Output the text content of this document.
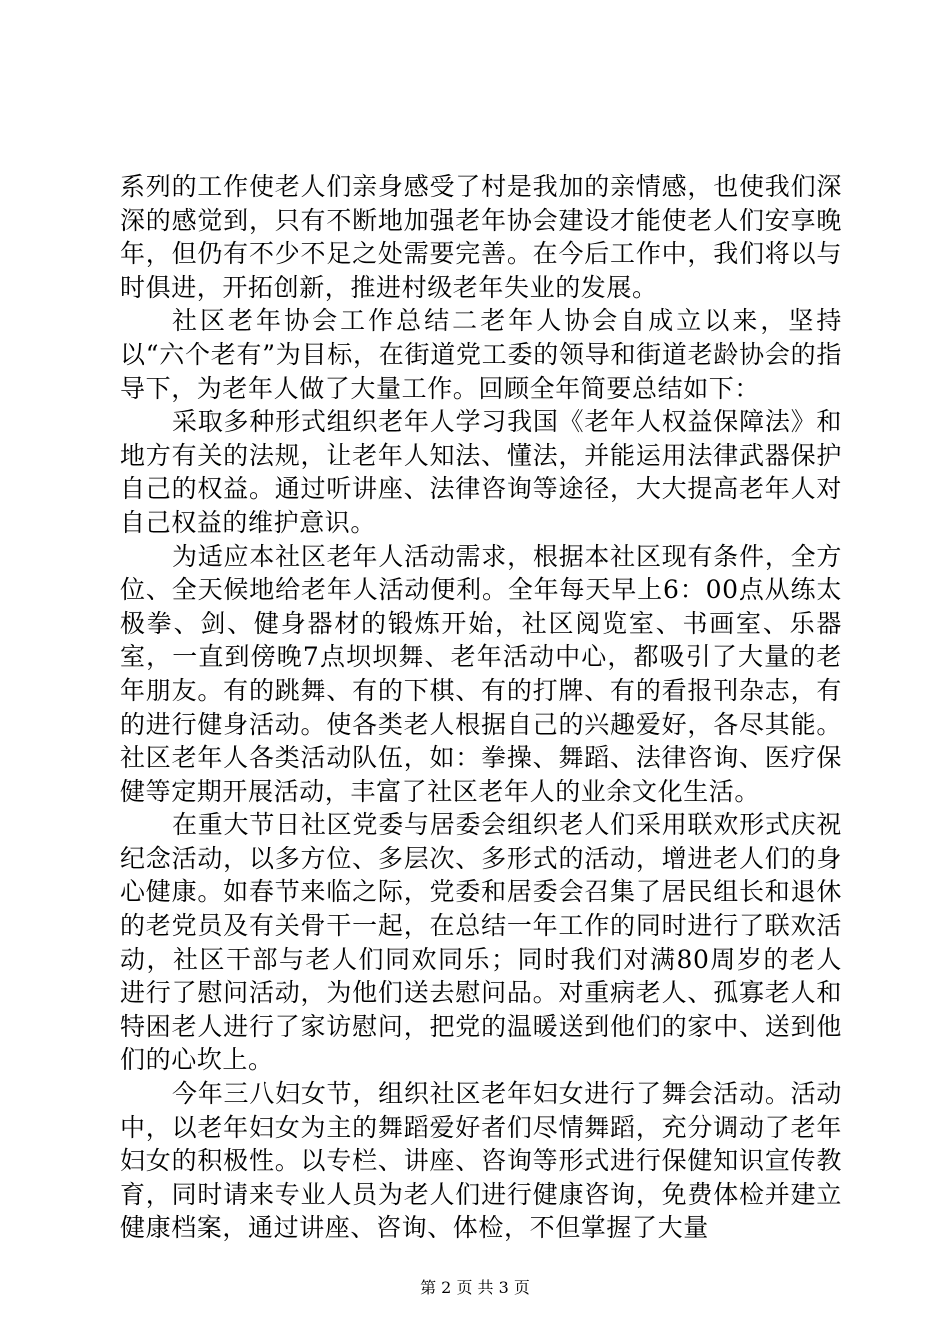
系列的工作使老人们亲身感受了村是我加的亲情感，也使我们深深的感觉到，只有不断地加强老年协会建设才能使老人们安享晚年，但仍有不少不足之处需要完善。在今后工作中，我们将以与时俱进，开拓创新，推进村级老年失业的发展。

社区老年协会工作总结二老年人协会自成立以来，坚持以“六个老有”为目标，在街道党工委的领导和街道老龄协会的指导下，为老年人做了大量工作。回顾全年简要总结如下：

采取多种形式组织老年人学习我国《老年人权益保障法》和地方有关的法规，让老年人知法、懂法，并能运用法律武器保护自己的权益。通过听讲座、法律咨询等途径，大大提高老年人对自己权益的维护意识。

为适应本社区老年人活动需求，根据本社区现有条件，全方位、全天候地给老年人活动便利。全年每天早上6：00点从练太极拳、剑、健身器材的锻炼开始，社区阅览室、书画室、乐器室，一直到傍晚7点坝坝舞、老年活动中心，都吸引了大量的老年朋友。有的跳舞、有的下棋、有的打牌、有的看报刊杂志，有的进行健身活动。使各类老人根据自己的兴趣爱好，各尽其能。社区老年人各类活动队伍，如：拳操、舞蹈、法律咨询、医疗保健等定期开展活动，丰富了社区老年人的业余文化生活。

在重大节日社区党委与居委会组织老人们采用联欢形式庆祝纪念活动，以多方位、多层次、多形式的活动，增进老人们的身心健康。如春节来临之际，党委和居委会召集了居民组长和退休的老党员及有关骨干一起，在总结一年工作的同时进行了联欢活动，社区干部与老人们同欢同乐；同时我们对满80周岁的老人进行了慰问活动，为他们送去慰问品。对重病老人、孤寡老人和特困老人进行了家访慰问，把党的温暖送到他们的家中、送到他们的心坎上。

今年三八妇女节，组织社区老年妇女进行了舞会活动。活动中，以老年妇女为主的舞蹈爱好者们尽情舞蹈，充分调动了老年妇女的积极性。以专栏、讲座、咨询等形式进行保健知识宣传教育，同时请来专业人员为老人们进行健康咨询，免费体检并建立健康档案，通过讲座、咨询、体检，不但掌握了大量

第 2 页 共 3 页
